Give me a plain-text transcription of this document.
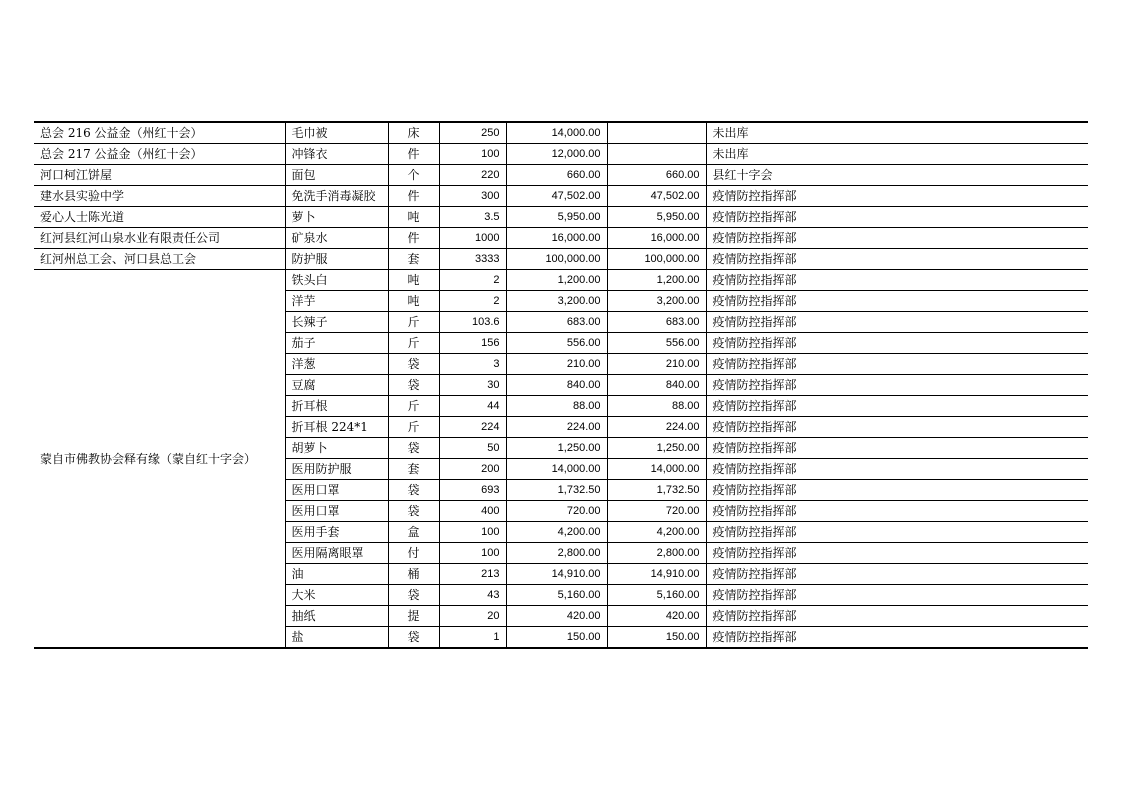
总会 216 公益金（州红十会）	毛巾被	床	250	14,000.00		未出库
总会 217 公益金（州红十会）	冲锋衣	件	100	12,000.00		未出库
河口柯江饼屋	面包	个	220	660.00	660.00	县红十字会
建水县实验中学	免洗手消毒凝胶	件	300	47,502.00	47,502.00	疫情防控指挥部
爱心人士陈光道	萝卜	吨	3.5	5,950.00	5,950.00	疫情防控指挥部
红河县红河山泉水业有限责任公司	矿泉水	件	1000	16,000.00	16,000.00	疫情防控指挥部
红河州总工会、河口县总工会	防护服	套	3333	100,000.00	100,000.00	疫情防控指挥部
蒙自市佛教协会释有缘（蒙自红十字会）	铁头白	吨	2	1,200.00	1,200.00	疫情防控指挥部
	洋芋	吨	2	3,200.00	3,200.00	疫情防控指挥部
	长辣子	斤	103.6	683.00	683.00	疫情防控指挥部
	茄子	斤	156	556.00	556.00	疫情防控指挥部
	洋葱	袋	3	210.00	210.00	疫情防控指挥部
	豆腐	袋	30	840.00	840.00	疫情防控指挥部
	折耳根	斤	44	88.00	88.00	疫情防控指挥部
	折耳根 224*1	斤	224	224.00	224.00	疫情防控指挥部
	胡萝卜	袋	50	1,250.00	1,250.00	疫情防控指挥部
	医用防护服	套	200	14,000.00	14,000.00	疫情防控指挥部
	医用口罩	袋	693	1,732.50	1,732.50	疫情防控指挥部
	医用口罩	袋	400	720.00	720.00	疫情防控指挥部
	医用手套	盒	100	4,200.00	4,200.00	疫情防控指挥部
	医用隔离眼罩	付	100	2,800.00	2,800.00	疫情防控指挥部
	油	桶	213	14,910.00	14,910.00	疫情防控指挥部
	大米	袋	43	5,160.00	5,160.00	疫情防控指挥部
	抽纸	提	20	420.00	420.00	疫情防控指挥部
	盐	袋	1	150.00	150.00	疫情防控指挥部
